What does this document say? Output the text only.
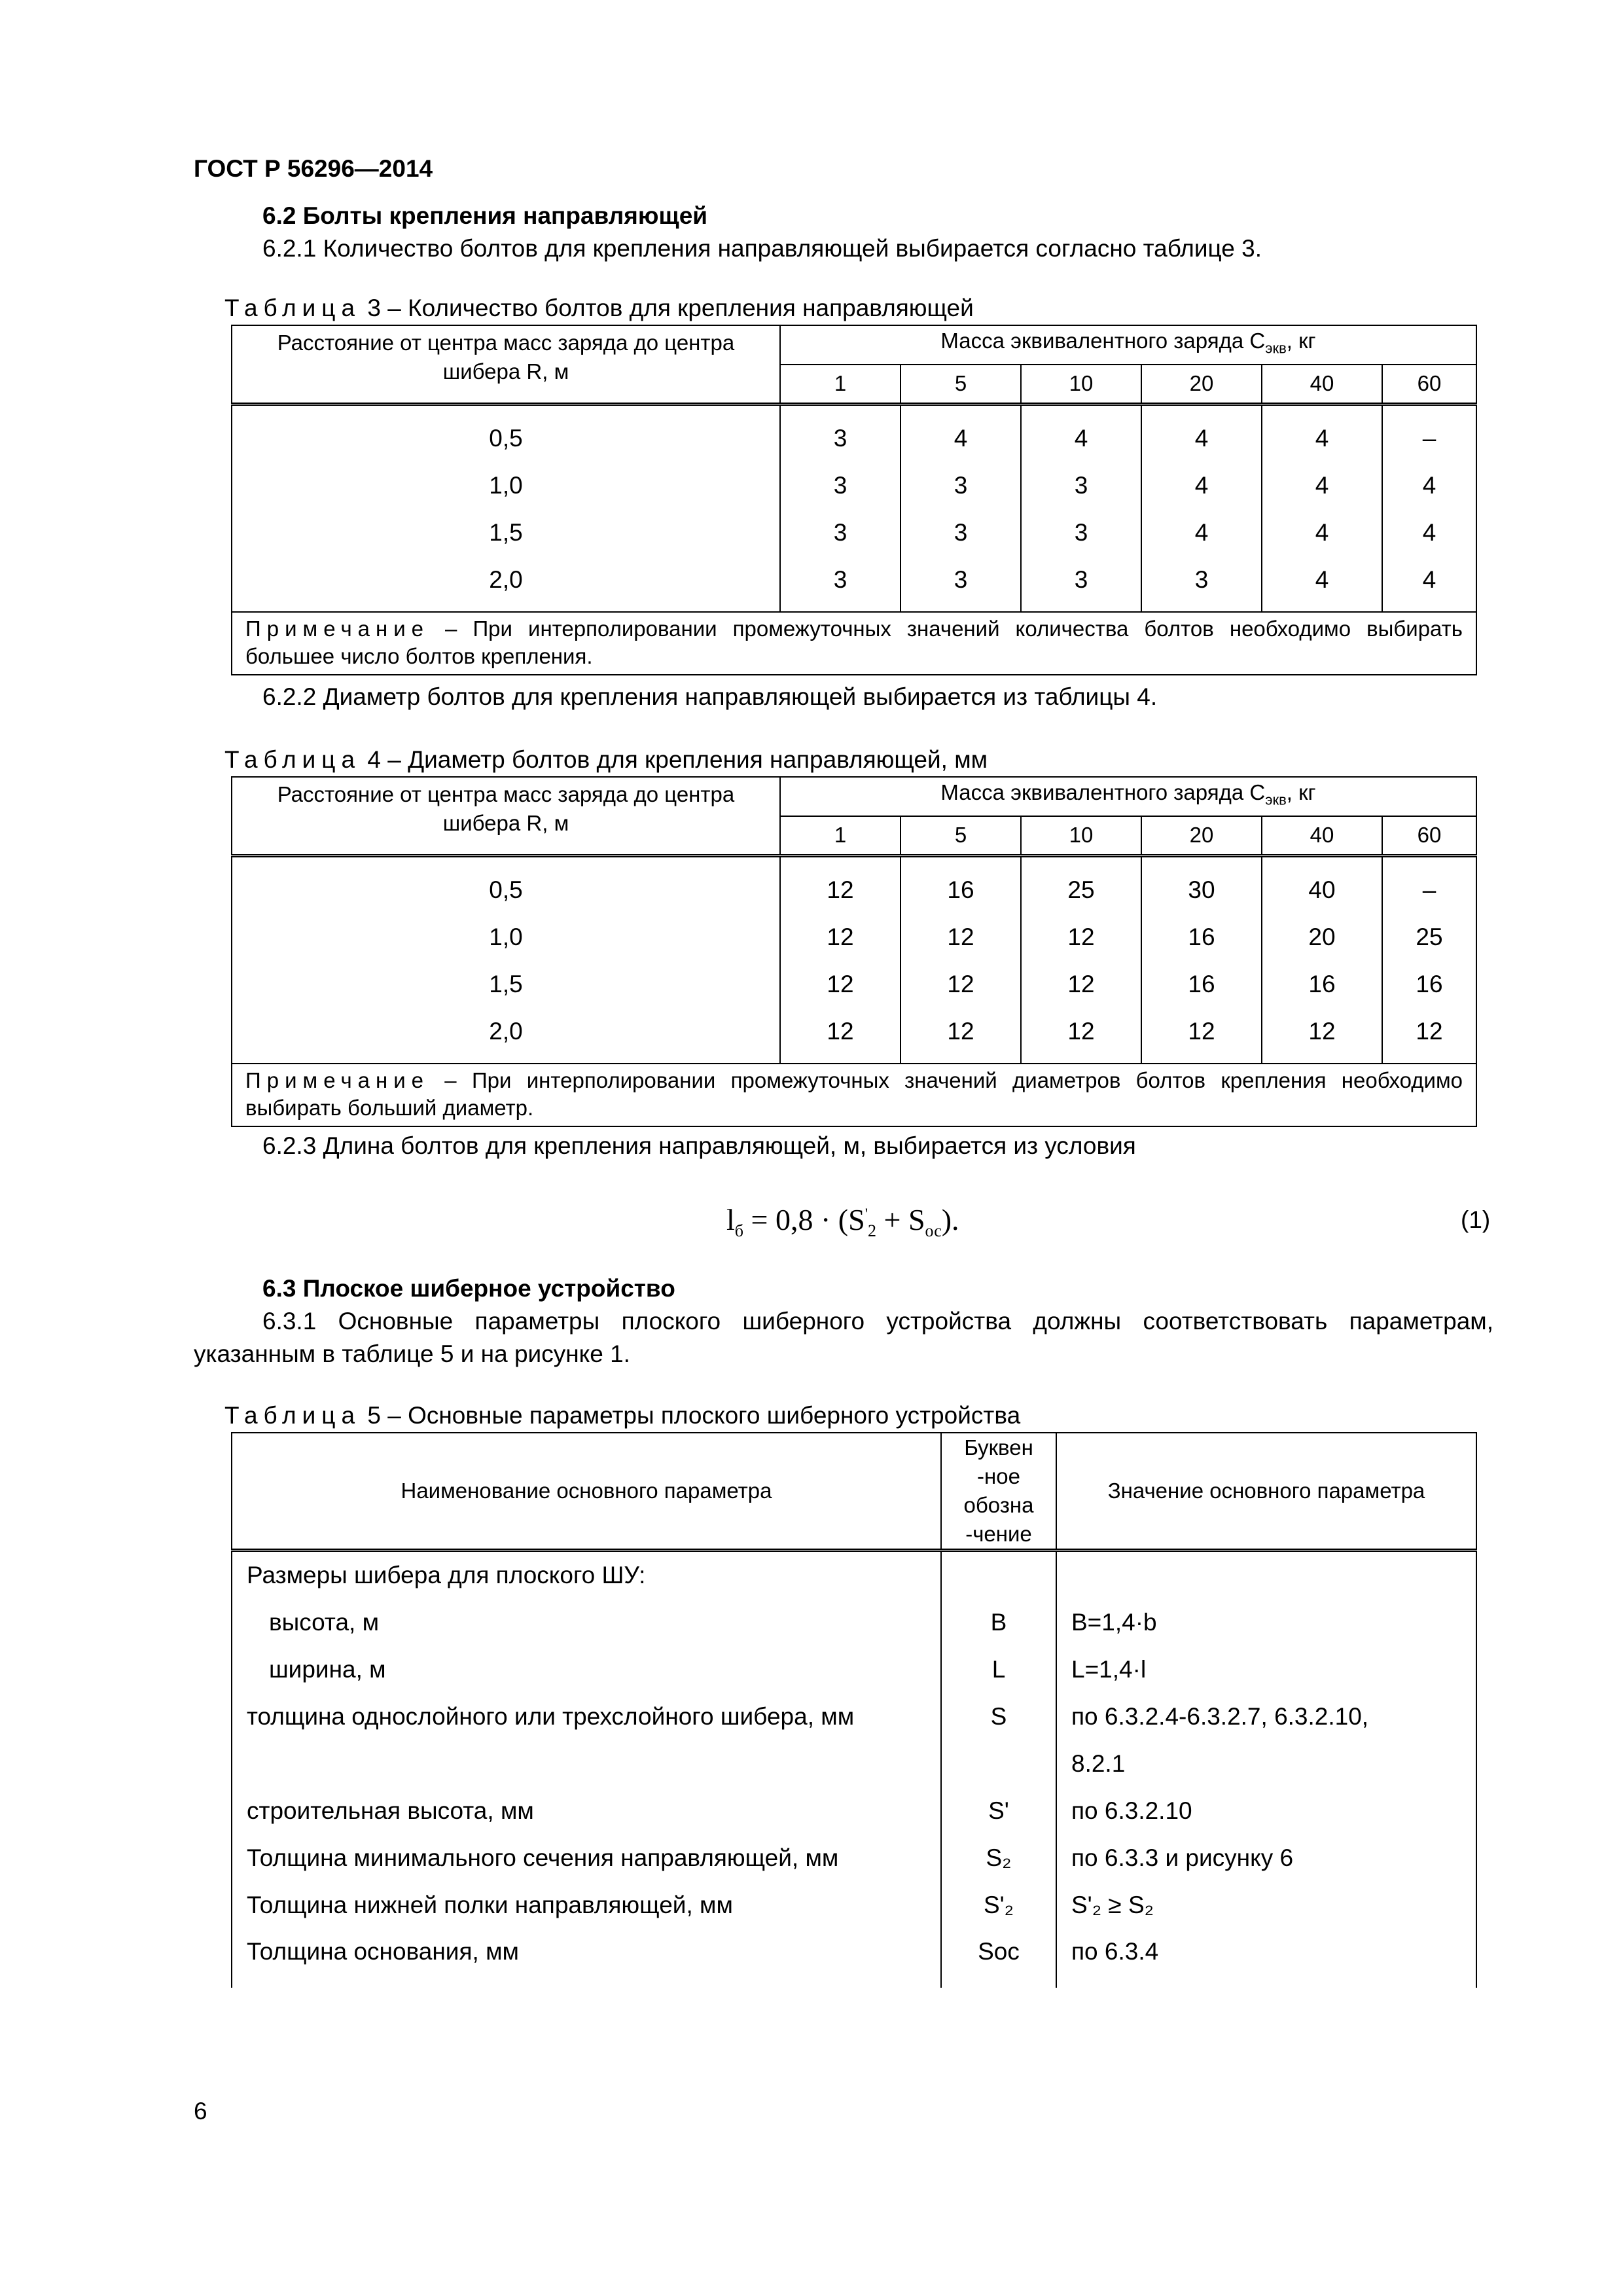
ГОСТ Р 56296—2014
6.2 Болты крепления направляющей
6.2.1 Количество болтов для крепления направляющей выбирается согласно таблице 3.
Таблица 3 – Количество болтов для крепления направляющей
Расстояние от центра масс заряда до центра шибера R, м	Масса эквивалентного заряда $C_{экв}$, кг					
	1	5	10	20	40	60
0,5	3	4	4	4	4	–
1,0	3	3	3	4	4	4
1,5	3	3	3	4	4	4
2,0	3	3	3	3	4	4
Примечание – При интерполировании промежуточных значений количества болтов необходимо выбирать большее число болтов крепления.						
6.2.2 Диаметр болтов для крепления направляющей выбирается из таблицы 4.
Таблица 4 – Диаметр болтов для крепления направляющей, мм
Расстояние от центра масс заряда до центра шибера R, м	Масса эквивалентного заряда $C_{экв}$, кг					
	1	5	10	20	40	60
0,5	12	16	25	30	40	–
1,0	12	12	12	16	20	25
1,5	12	12	12	16	16	16
2,0	12	12	12	12	12	12
Примечание – При интерполировании промежуточных значений диаметров болтов крепления необходимо выбирать больший диаметр.						
6.2.3 Длина болтов для крепления направляющей, м, выбирается из условия
$l_б = 0,8 \cdot (S'_2 + S_{ос})$.	(1)
6.3 Плоское шиберное устройство
6.3.1 Основные параметры плоского шиберного устройства должны соответствовать параметрам, указанным в таблице 5 и на рисунке 1.
Таблица 5 – Основные параметры плоского шиберного устройства
Наименование основного параметра	Буквен -ное обозна -чение	Значение основного параметра
Размеры шибера для плоского ШУ:		
высота, м	B	B=1,4·b
ширина, м	L	L=1,4·l
толщина однослойного или трехслойного шибера, мм	S	по 6.3.2.4-6.3.2.7, 6.3.2.10,
		8.2.1
строительная высота, мм	S'	по 6.3.2.10
Толщина минимального сечения направляющей, мм	S₂	по 6.3.3 и рисунку 6
Толщина нижней полки направляющей, мм	S'₂	S'₂ ≥ S₂
Толщина основания, мм	Sос	по 6.3.4
6
